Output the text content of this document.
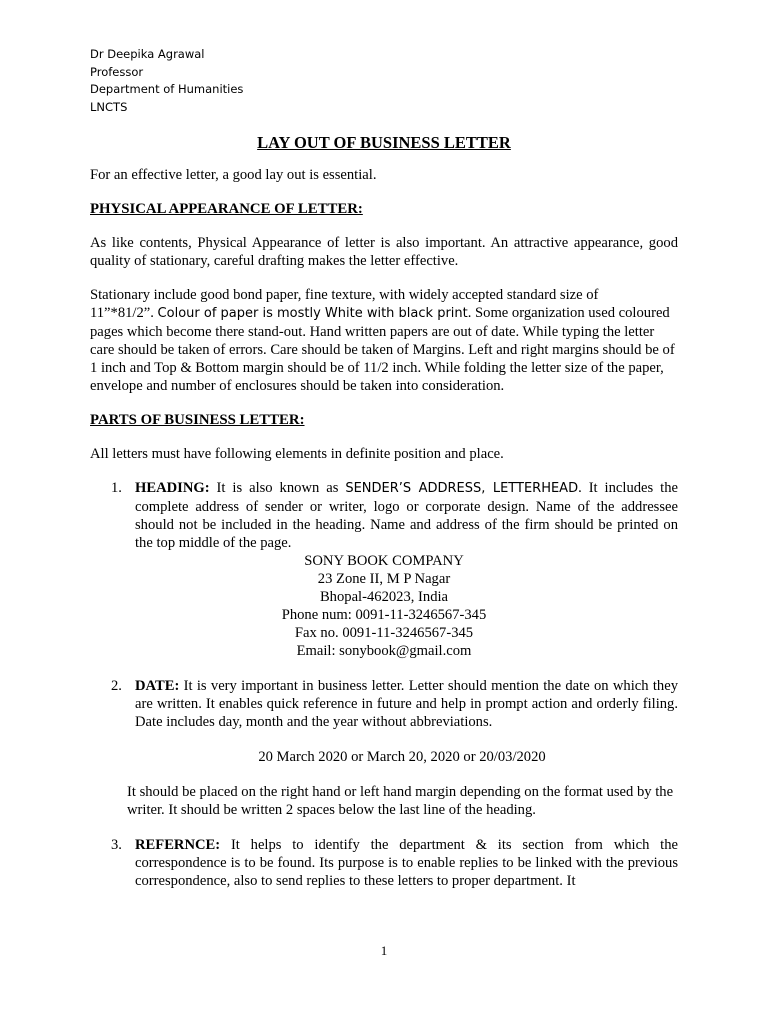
Dr Deepika Agrawal
Professor
Department of Humanities
LNCTS
LAY OUT OF BUSINESS LETTER

For an effective letter, a good lay out is essential.

PHYSICAL APPEARANCE OF LETTER:

As like contents, Physical Appearance of letter is also important. An attractive appearance, good quality of stationary, careful drafting makes the letter effective.

Stationary include good bond paper, fine texture, with widely accepted standard size of
11”*81/2”. Colour of paper is mostly White with black print. Some organization used coloured pages which become there stand-out. Hand written papers are out of date. While typing the letter care should be taken of errors. Care should be taken of Margins. Left and right margins should be of 1 inch and Top & Bottom margin should be of 11/2 inch. While folding the letter size of the paper, envelope and number of enclosures should be taken into consideration.

PARTS OF BUSINESS LETTER:

All letters must have following elements in definite position and place.

1. HEADING: It is also known as SENDER’S ADDRESS, LETTERHEAD. It includes the complete address of sender or writer, logo or corporate design. Name of the addressee should not be included in the heading. Name and address of the firm should be printed on the top middle of the page.
SONY BOOK COMPANY
23 Zone II, M P Nagar
Bhopal-462023, India
Phone num: 0091-11-3246567-345
Fax no. 0091-11-3246567-345
Email: sonybook@gmail.com
2. DATE: It is very important in business letter. Letter should mention the date on which they are written. It enables quick reference in future and help in prompt action and orderly filing. Date includes day, month and the year without abbreviations.
20 March 2020 or March 20, 2020 or 20/03/2020

It should be placed on the right hand or left hand margin depending on the format used by the writer. It should be written 2 spaces below the last line of the heading.

3. REFERNCE: It helps to identify the department & its section from which the correspondence is to be found. Its purpose is to enable replies to be linked with the previous correspondence, also to send replies to these letters to proper department. It
1
